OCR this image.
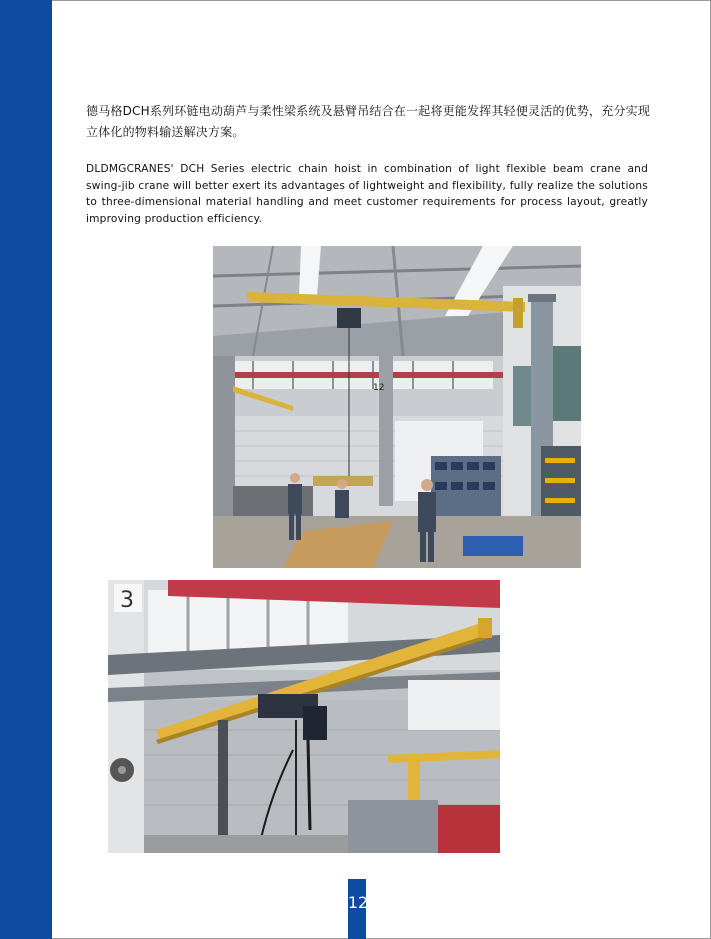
德马格DCH系列环链电动葫芦与柔性梁系统及悬臂吊结合在一起将更能发挥其轻便灵活的优势，充分实现立体化的物料输送解决方案。
DLDMGCRANES' DCH Series electric chain hoist in combination of light flexible beam crane and swing-jib crane will better exert its advantages of lightweight and flexibility, fully realize the solutions to three-dimensional material handling and meet customer requirements for process layout, greatly improving production efficiency.
12
3
12
